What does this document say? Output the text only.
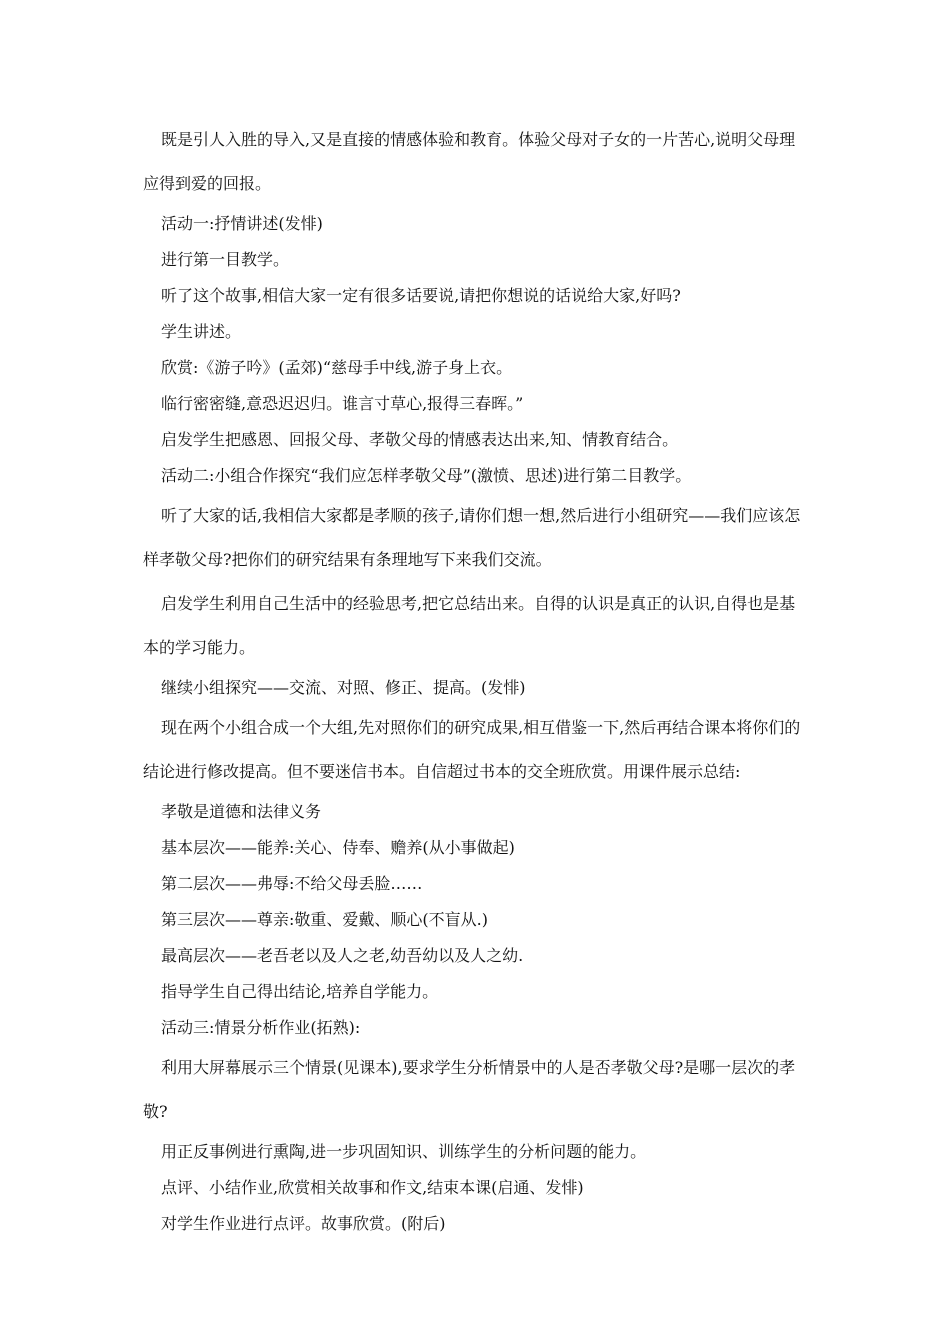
既是引人入胜的导入,又是直接的情感体验和教育。体验父母对子女的一片苦心,说明父母理应得到爱的回报。

活动一:抒情讲述(发悱)

进行第一目教学。

听了这个故事,相信大家一定有很多话要说,请把你想说的话说给大家,好吗?

学生讲述。

欣赏:《游子吟》(孟郊)“慈母手中线,游子身上衣。

临行密密缝,意恐迟迟归。谁言寸草心,报得三春晖。”

启发学生把感恩、回报父母、孝敬父母的情感表达出来,知、情教育结合。

活动二:小组合作探究“我们应怎样孝敬父母”(激愤、思述)进行第二目教学。

听了大家的话,我相信大家都是孝顺的孩子,请你们想一想,然后进行小组研究——我们应该怎样孝敬父母?把你们的研究结果有条理地写下来我们交流。

启发学生利用自己生活中的经验思考,把它总结出来。自得的认识是真正的认识,自得也是基本的学习能力。

继续小组探究——交流、对照、修正、提高。(发悱)

现在两个小组合成一个大组,先对照你们的研究成果,相互借鉴一下,然后再结合课本将你们的结论进行修改提高。但不要迷信书本。自信超过书本的交全班欣赏。用课件展示总结:

孝敬是道德和法律义务

基本层次——能养:关心、侍奉、赡养(从小事做起)

第二层次——弗辱:不给父母丢脸……

第三层次——尊亲:敬重、爱戴、顺心(不盲从.)

最高层次——老吾老以及人之老,幼吾幼以及人之幼.

指导学生自己得出结论,培养自学能力。

活动三:情景分析作业(拓熟):

利用大屏幕展示三个情景(见课本),要求学生分析情景中的人是否孝敬父母?是哪一层次的孝敬?

用正反事例进行熏陶,进一步巩固知识、训练学生的分析问题的能力。

点评、小结作业,欣赏相关故事和作文,结束本课(启通、发悱)

对学生作业进行点评。故事欣赏。(附后)
